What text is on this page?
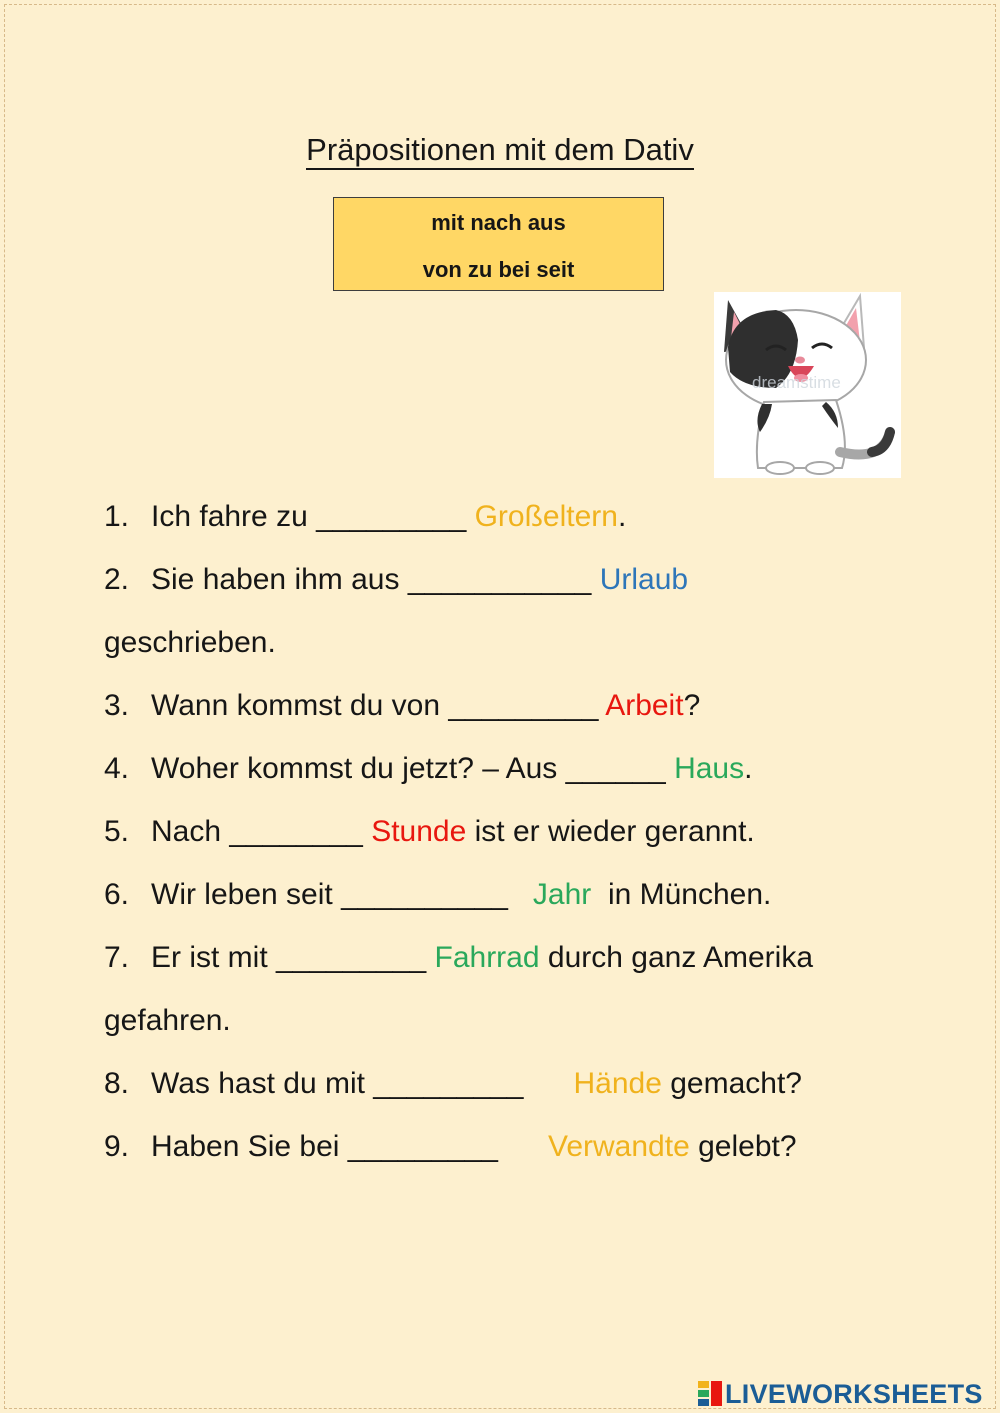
Präpositionen mit dem Dativ
mit nach aus
von zu bei seit
dreamstime
1. Ich fahre zu _________ Großeltern.
2. Sie haben ihm aus ___________ Urlaub
geschrieben.
3. Wann kommst du von _________ Arbeit?
4. Woher kommst du jetzt? – Aus ______ Haus.
5. Nach ________ Stunde ist er wieder gerannt.
6. Wir leben seit __________   Jahr  in München.
7. Er ist mit _________ Fahrrad durch ganz Amerika
gefahren.
8. Was hast du mit _________      Hände gemacht?
9. Haben Sie bei _________      Verwandte gelebt?
LIVEWORKSHEETS
